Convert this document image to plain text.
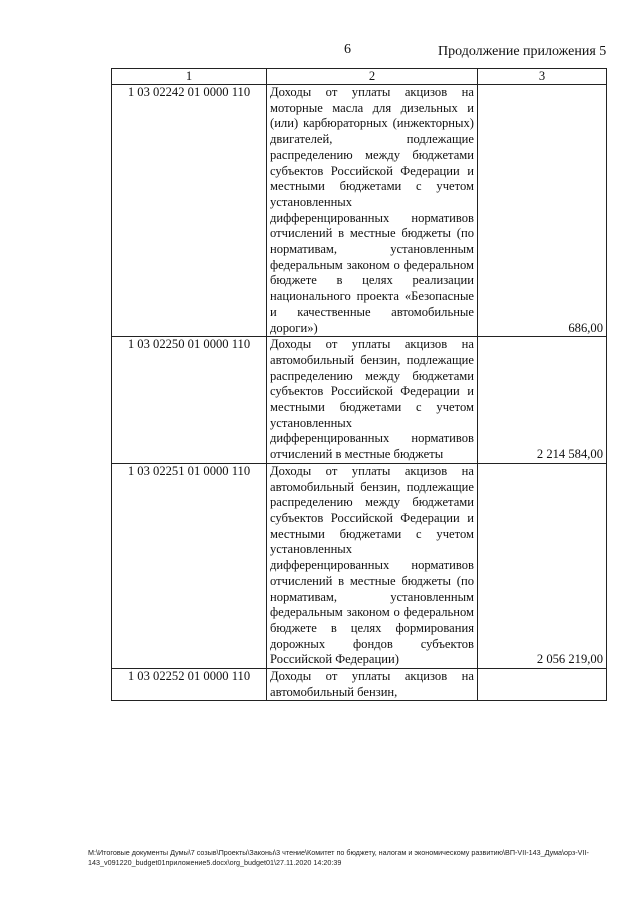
6	Продолжение приложения 5
1	2	3
1 03 02242 01 0000 110	Доходы от уплаты акцизов на моторные масла для дизельных и (или) карбюраторных (инжекторных) двигателей, подлежащие распределению между бюджетами субъектов Российской Федерации и местными бюджетами с учетом установленных дифференцированных нормативов отчислений в местные бюджеты (по нормативам, установленным федеральным законом о федеральном бюджете в целях реализации национального проекта «Безопасные и качественные автомобильные дороги»)	686,00
1 03 02250 01 0000 110	Доходы от уплаты акцизов на автомобильный бензин, подлежащие распределению между бюджетами субъектов Российской Федерации и местными бюджетами с учетом установленных дифференцированных нормативов отчислений в местные бюджеты	2 214 584,00
1 03 02251 01 0000 110	Доходы от уплаты акцизов на автомобильный бензин, подлежащие распределению между бюджетами субъектов Российской Федерации и местными бюджетами с учетом установленных дифференцированных нормативов отчислений в местные бюджеты (по нормативам, установленным федеральным законом о федеральном бюджете в целях формирования дорожных фондов субъектов Российской Федерации)	2 056 219,00
1 03 02252 01 0000 110	Доходы от уплаты акцизов на автомобильный бензин,	
М:\Итоговые документы Думы\7 созыв\Проекты\Законы\3 чтение\Комитет по бюджету, налогам и экономическому развитию\ВП-VII-143_Дума\орз-VII-
143_v091220_budget01приложение5.docx\org_budget01\27.11.2020 14:20:39
